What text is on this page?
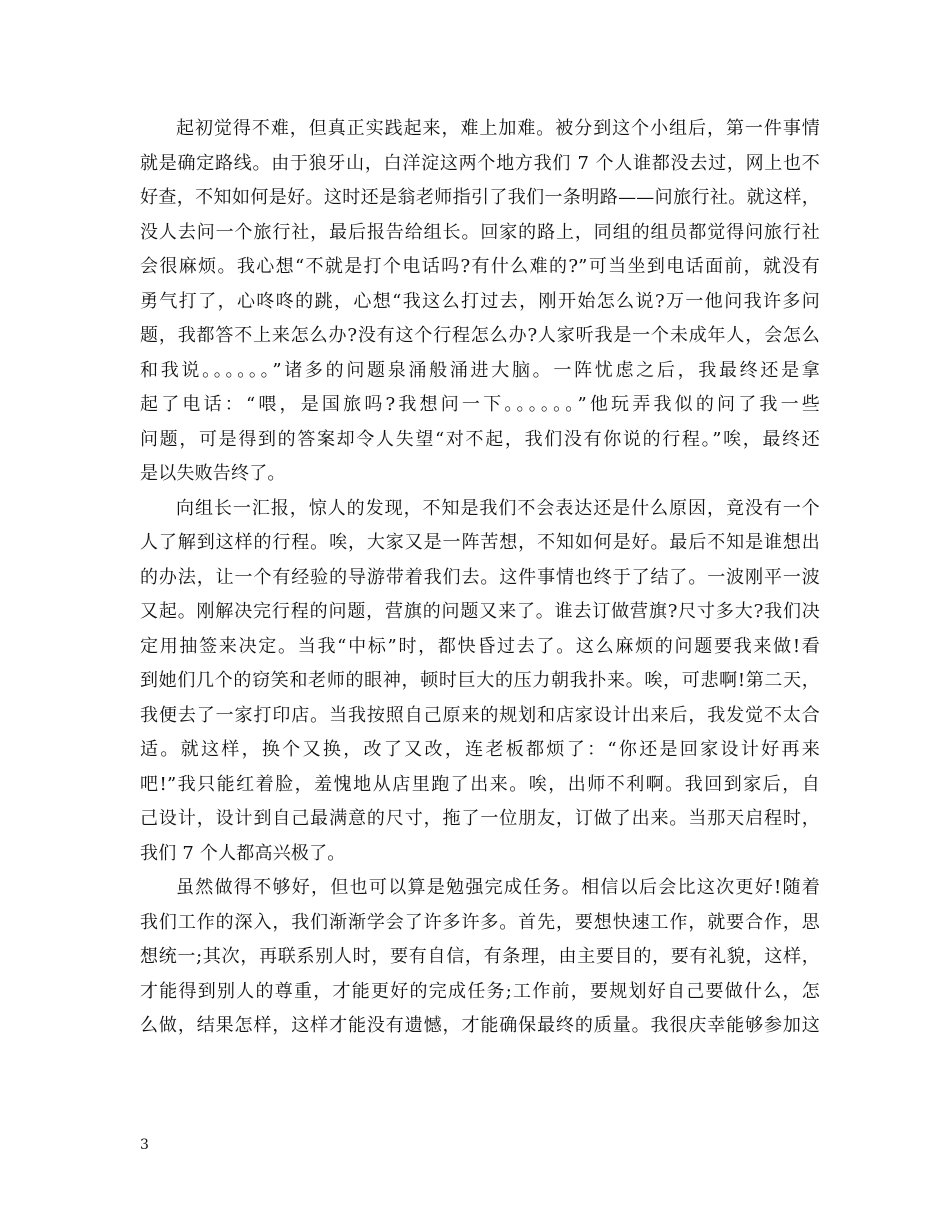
起初觉得不难，但真正实践起来，难上加难。被分到这个小组后，第一件事情
就是确定路线。由于狼牙山，白洋淀这两个地方我们 7 个人谁都没去过，网上也不
好查，不知如何是好。这时还是翁老师指引了我们一条明路——问旅行社。就这样，
没人去问一个旅行社，最后报告给组长。回家的路上，同组的组员都觉得问旅行社
会很麻烦。我心想“不就是打个电话吗?有什么难的?”可当坐到电话面前，就没有
勇气打了，心咚咚的跳，心想“我这么打过去，刚开始怎么说?万一他问我许多问
题，我都答不上来怎么办?没有这个行程怎么办?人家听我是一个未成年人，会怎么
和我说。。。。。。”诸多的问题泉涌般涌进大脑。一阵忧虑之后，我最终还是拿
起了电话：“喂，是国旅吗?我想问一下。。。。。。”他玩弄我似的问了我一些
问题，可是得到的答案却令人失望“对不起，我们没有你说的行程。”唉，最终还
是以失败告终了。
向组长一汇报，惊人的发现，不知是我们不会表达还是什么原因，竟没有一个
人了解到这样的行程。唉，大家又是一阵苦想，不知如何是好。最后不知是谁想出
的办法，让一个有经验的导游带着我们去。这件事情也终于了结了。一波刚平一波
又起。刚解决完行程的问题，营旗的问题又来了。谁去订做营旗?尺寸多大?我们决
定用抽签来决定。当我“中标”时，都快昏过去了。这么麻烦的问题要我来做!看
到她们几个的窃笑和老师的眼神，顿时巨大的压力朝我扑来。唉，可悲啊!第二天，
我便去了一家打印店。当我按照自己原来的规划和店家设计出来后，我发觉不太合
适。就这样，换个又换，改了又改，连老板都烦了：“你还是回家设计好再来
吧!”我只能红着脸，羞愧地从店里跑了出来。唉，出师不利啊。我回到家后，自
己设计，设计到自己最满意的尺寸，拖了一位朋友，订做了出来。当那天启程时，
我们 7 个人都高兴极了。
虽然做得不够好，但也可以算是勉强完成任务。相信以后会比这次更好!随着
我们工作的深入，我们渐渐学会了许多许多。首先，要想快速工作，就要合作，思
想统一;其次，再联系别人时，要有自信，有条理，由主要目的，要有礼貌，这样，
才能得到别人的尊重，才能更好的完成任务;工作前，要规划好自己要做什么，怎
么做，结果怎样，这样才能没有遗憾，才能确保最终的质量。我很庆幸能够参加这
3
